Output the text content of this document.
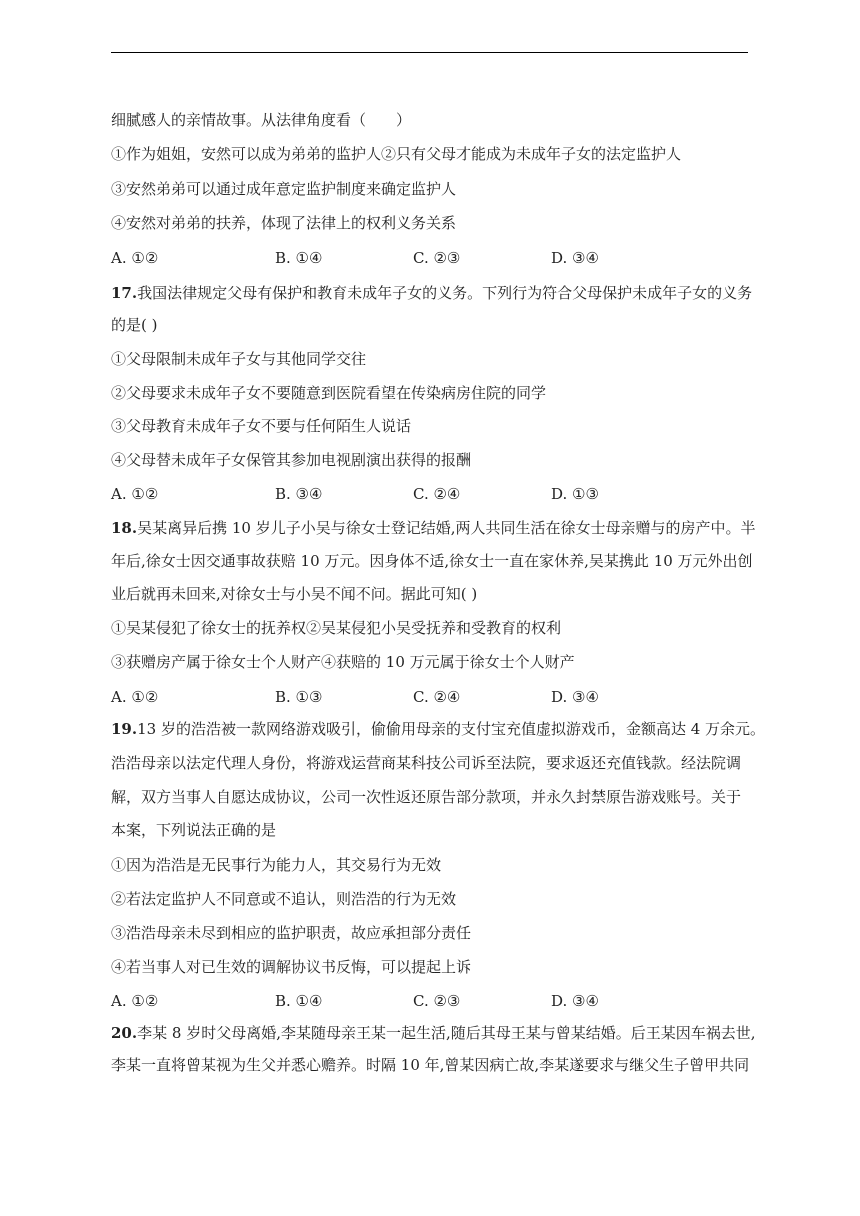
细腻感人的亲情故事。从法律角度看（　　）
①作为姐姐，安然可以成为弟弟的监护人②只有父母才能成为未成年子女的法定监护人
③安然弟弟可以通过成年意定监护制度来确定监护人
④安然对弟弟的扶养，体现了法律上的权利义务关系
A. ①②	B. ①④	C. ②③	D. ③④
17.我国法律规定父母有保护和教育未成年子女的义务。下列行为符合父母保护未成年子女的义务
的是( )
①父母限制未成年子女与其他同学交往
②父母要求未成年子女不要随意到医院看望在传染病房住院的同学
③父母教育未成年子女不要与任何陌生人说话
④父母替未成年子女保管其参加电视剧演出获得的报酬
A. ①②	B. ③④	C. ②④	D. ①③
18.吴某离异后携 10 岁儿子小吴与徐女士登记结婚,两人共同生活在徐女士母亲赠与的房产中。半
年后,徐女士因交通事故获赔 10 万元。因身体不适,徐女士一直在家休养,吴某携此 10 万元外出创
业后就再未回来,对徐女士与小吴不闻不问。据此可知( )
①吴某侵犯了徐女士的抚养权②吴某侵犯小吴受抚养和受教育的权利
③获赠房产属于徐女士个人财产④获赔的 10 万元属于徐女士个人财产
A. ①②	B. ①③	C. ②④	D. ③④
19.13 岁的浩浩被一款网络游戏吸引，偷偷用母亲的支付宝充值虚拟游戏币，金额高达 4 万余元。
浩浩母亲以法定代理人身份，将游戏运营商某科技公司诉至法院，要求返还充值钱款。经法院调
解，双方当事人自愿达成协议，公司一次性返还原告部分款项，并永久封禁原告游戏账号。关于
本案，下列说法正确的是
①因为浩浩是无民事行为能力人，其交易行为无效
②若法定监护人不同意或不追认，则浩浩的行为无效
③浩浩母亲未尽到相应的监护职责，故应承担部分责任
④若当事人对已生效的调解协议书反悔，可以提起上诉
A. ①②	B. ①④	C. ②③	D. ③④
20.李某 8 岁时父母离婚,李某随母亲王某一起生活,随后其母王某与曾某结婚。后王某因车祸去世,
李某一直将曾某视为生父并悉心赡养。时隔 10 年,曾某因病亡故,李某遂要求与继父生子曾甲共同
